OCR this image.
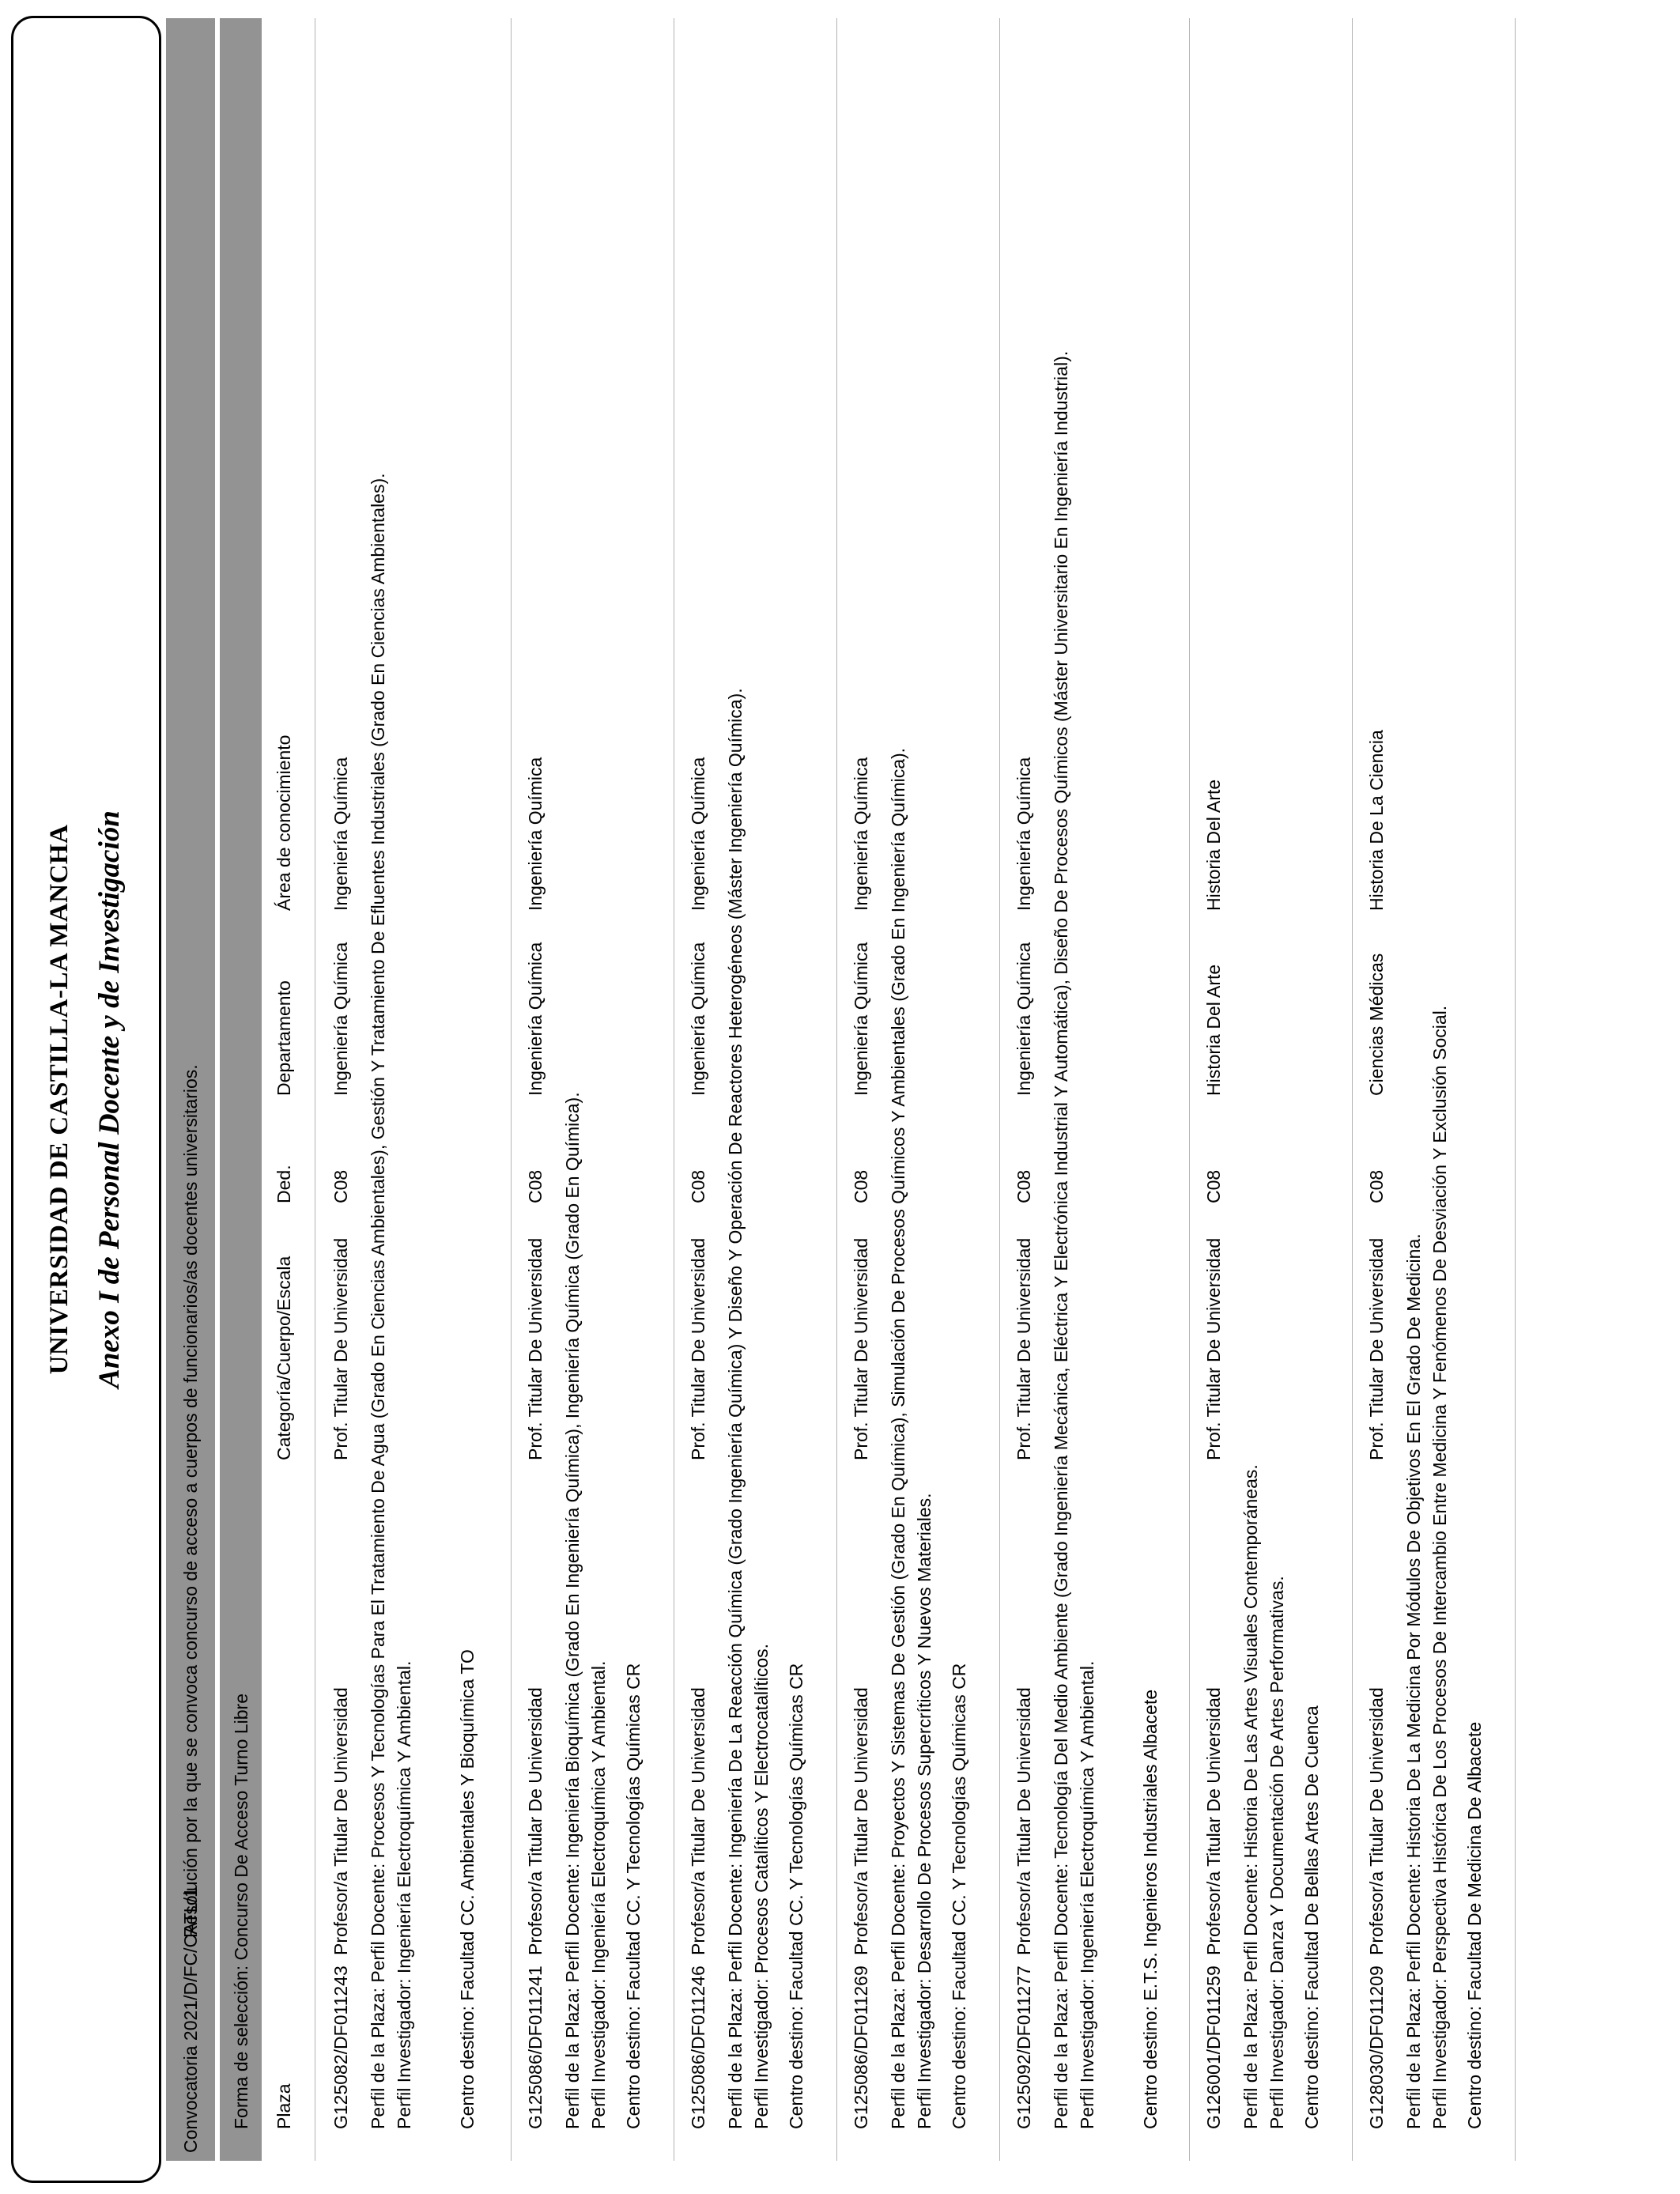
UNIVERSIDAD DE CASTILLA-LA MANCHA Anexo I de Personal Docente y de Investigación
Convocatoria 2021/D/FC/CATL/1
Resolución por la que se convoca concurso de acceso a cuerpos de funcionarios/as docentes universitarios. Forma de selección: Concurso De Acceso Turno Libre Plaza
Categoría/Cuerpo/Escala
Ded.
Departamento
Área de conocimiento
G125082/DF011243
Profesor/a Titular De Universidad
Prof. Titular De Universidad
C08
Ingeniería Química
Ingeniería Química Perfil de la Plaza: Perfil Docente: Procesos Y Tecnologías Para El Tratamiento De Agua (Grado En Ciencias Ambientales), Gestión Y Tratamiento De Efluentes Industriales (Grado En Ciencias Ambientales). Perfil Investigador: Ingeniería Electroquímica Y Ambiental. Centro destino: Facultad CC. Ambientales Y Bioquímica TO	G125086/DF011241
Profesor/a Titular De Universidad
Prof. Titular De Universidad
C08
Ingeniería Química
Ingeniería Química
Perfil de la Plaza: Perfil Docente: Ingeniería Bioquímica (Grado En Ingeniería Química), Ingeniería Química (Grado En Química). Perfil Investigador: Ingeniería Electroquímica Y Ambiental. Centro destino: Facultad CC. Y Tecnologías Químicas CR G125086/DF011246
Profesor/a Titular De Universidad
Prof. Titular De Universidad
C08
Ingeniería Química
Ingeniería Química Perfil de la Plaza: Perfil Docente: Ingeniería De La Reacción Química (Grado Ingeniería Química) Y Diseño Y Operación De Reactores Heterogéneos (Máster Ingeniería Química). Perfil Investigador: Procesos Catalíticos Y Electrocatalíticos. Centro destino: Facultad CC. Y Tecnologías Químicas CR G125086/DF011269
Profesor/a Titular De Universidad
Prof. Titular De Universidad
C08
Ingeniería Química
Ingeniería Química Perfil de la Plaza: Perfil Docente: Proyectos Y Sistemas De Gestión (Grado En Química), Simulación De Procesos Químicos Y Ambientales (Grado En Ingeniería Química). Perfil Investigador: Desarrollo De Procesos Supercríticos Y Nuevos Materiales. Centro destino: Facultad CC. Y Tecnologías Químicas CR G125092/DF011277
Profesor/a Titular De Universidad
Prof. Titular De Universidad
C08
Ingeniería Química
Ingeniería Química Perfil de la Plaza: Perfil Docente: Tecnología Del Medio Ambiente (Grado Ingeniería Mecánica, Eléctrica Y Electrónica Industrial Y Automática), Diseño De Procesos Químicos (Máster Universitario En Ingeniería Industrial). Perfil Investigador: Ingeniería Electroquímica Y Ambiental. Centro destino: E.T.S. Ingenieros Industriales Albacete G126001/DF011259
Profesor/a Titular De Universidad
Prof. Titular De Universidad
C08
Historia Del Arte
Historia Del Arte
Perfil de la Plaza: Perfil Docente: Historia De Las Artes Visuales Contemporáneas. Perfil Investigador: Danza Y Documentación De Artes Performativas. Centro destino: Facultad De Bellas Artes De Cuenca G128030/DF011209
Profesor/a Titular De Universidad
Prof. Titular De Universidad
C08
Ciencias Médicas
Historia De La Ciencia
Perfil de la Plaza: Perfil Docente: Historia De La Medicina Por Módulos De Objetivos En El Grado De Medicina. Perfil Investigador: Perspectiva Histórica De Los Procesos De Intercambio Entre Medicina Y Fenómenos De Desviación Y Exclusión Social. Centro destino: Facultad De Medicina De Albacete
